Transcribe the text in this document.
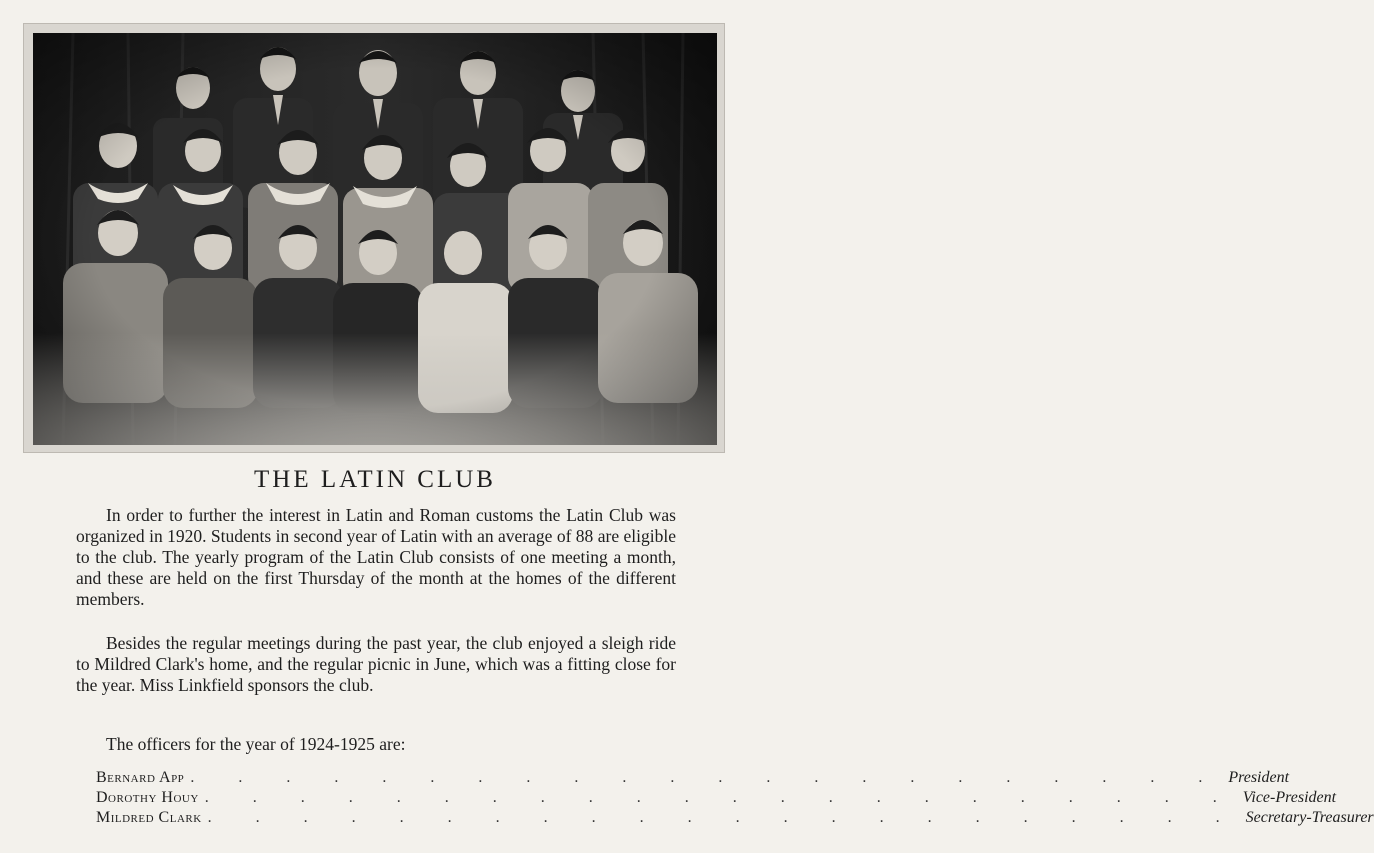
THE LATIN CLUB

In order to further the interest in Latin and Roman customs the Latin Club was organized in 1920. Students in second year of Latin with an average of 88 are eligible to the club. The yearly program of the Latin Club consists of one meeting a month, and these are held on the first Thursday of the month at the homes of the different members.

Besides the regular meetings during the past year, the club enjoyed a sleigh ride to Mildred Clark's home, and the regular picnic in June, which was a fitting close for the year. Miss Linkfield sponsors the club.

The officers for the year of 1924-1925 are:
Bernard App . . . . . . . . . . . . . . . . . . . . . . President
Dorothy Houy . . . . . . . . . . . . . . . . . . . . . . Vice-President
Mildred Clark . . . . . . . . . . . . . . . . . . . . . . Secretary-Treasurer
